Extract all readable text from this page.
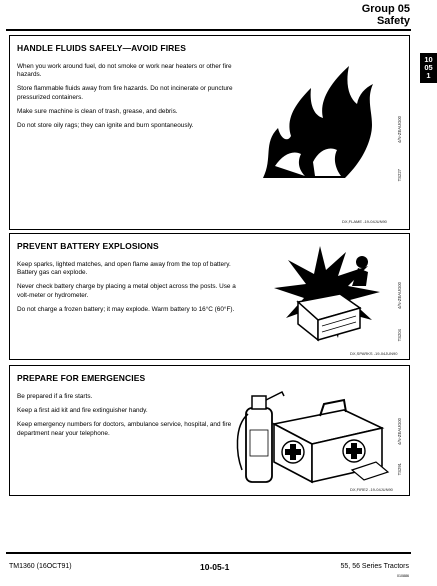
Group 05
Safety
10
05
1
HANDLE FLUIDS SAFELY—AVOID FIRES

When you work around fuel, do not smoke or work near heaters or other fire hazards.

Store flammable fluids away from fire hazards. Do not incinerate or puncture pressurized containers.

Make sure machine is clean of trash, grease, and debris.

Do not store oily rags; they can ignite and burn spontaneously.

DX,FLAME -19-04JUN90
4/N-ZEAUG00
TS227
PREVENT BATTERY EXPLOSIONS

Keep sparks, lighted matches, and open flame away from the top of battery. Battery gas can explode.

Never check battery charge by placing a metal object across the posts. Use a volt-meter or hydrometer.

Do not charge a frozen battery; it may explode. Warm battery to 16°C (60°F).

DX,SPARKS -19-04JUN90
4/N-ZEAUG00
TS204
PREPARE FOR EMERGENCIES

Be prepared if a fire starts.

Keep a first aid kit and fire extinguisher handy.

Keep emergency numbers for doctors, ambulance service, hospital, and fire department near your telephone.

DX,FIRE2 -19-04JUN90
4/N-ZEAUG00
TS291
TM1360 (16OCT91)	10-05-1	55, 56 Series Tractors
010886
